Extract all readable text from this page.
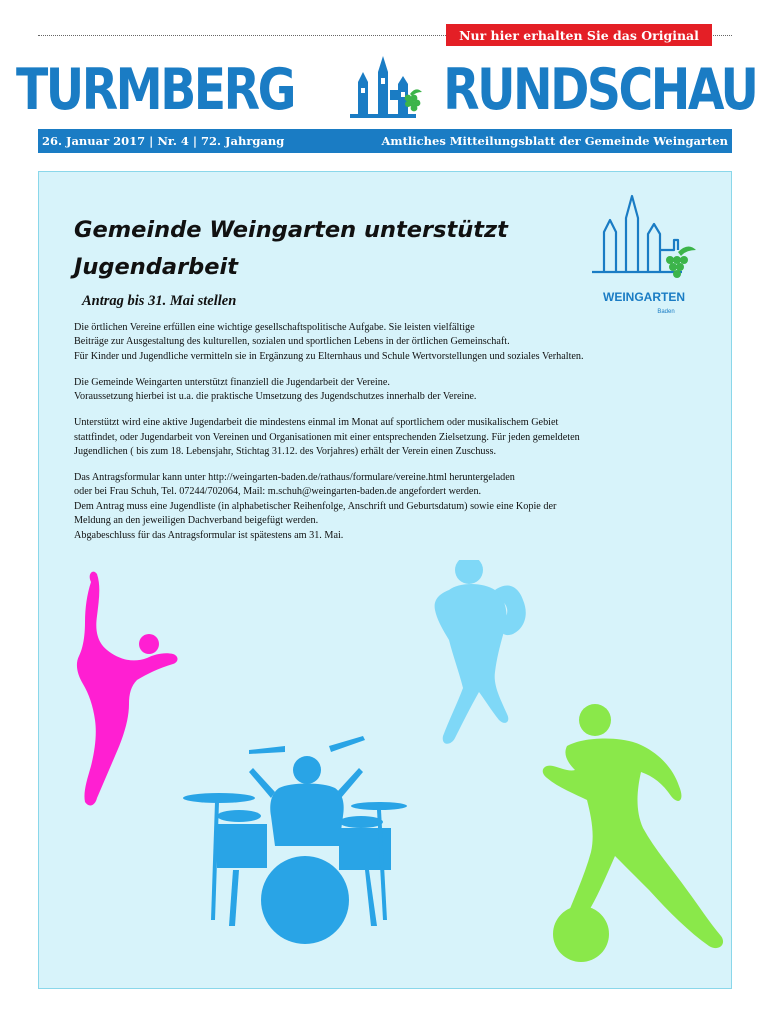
Nur hier erhalten Sie das Original
TURMBERG	RUNDSCHAU
26. Januar 2017 | Nr. 4 | 72. Jahrgang	Amtliches Mitteilungsblatt der Gemeinde Weingarten
Gemeinde Weingarten unterstützt Jugendarbeit
Antrag bis 31. Mai stellen	WEINGARTEN
Baden

Die örtlichen Vereine erfüllen eine wichtige gesellschaftspolitische Aufgabe. Sie leisten vielfältige
Beiträge zur Ausgestaltung des kulturellen, sozialen und sportlichen Lebens in der örtlichen Gemeinschaft.
Für Kinder und Jugendliche vermitteln sie in Ergänzung zu Elternhaus und Schule Wertvorstellungen und soziales Verhalten.

Die Gemeinde Weingarten unterstützt finanziell die Jugendarbeit der Vereine.
Voraussetzung hierbei ist u.a. die praktische Umsetzung des Jugendschutzes innerhalb der Vereine.

Unterstützt wird eine aktive Jugendarbeit die mindestens einmal im Monat auf sportlichem oder musikalischem Gebiet
stattfindet, oder Jugendarbeit von Vereinen und Organisationen mit einer entsprechenden Zielsetzung. Für jeden gemeldeten
Jugendlichen ( bis zum 18. Lebensjahr, Stichtag 31.12. des Vorjahres) erhält der Verein einen Zuschuss.

Das Antragsformular kann unter http://weingarten-baden.de/rathaus/formulare/vereine.html heruntergeladen
oder bei Frau Schuh, Tel. 07244/702064, Mail: m.schuh@weingarten-baden.de angefordert werden.
Dem Antrag muss eine Jugendliste (in alphabetischer Reihenfolge, Anschrift und Geburtsdatum) sowie eine Kopie der
Meldung an den jeweiligen Dachverband beigefügt werden.
Abgabeschluss für das Antragsformular ist spätestens am 31. Mai.
